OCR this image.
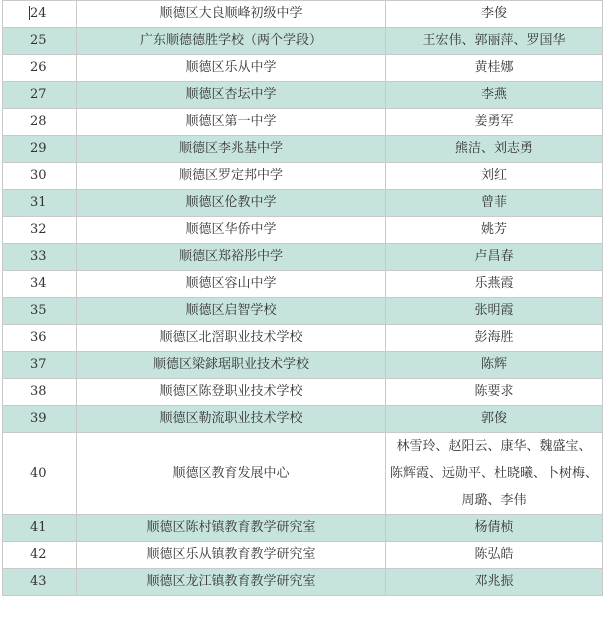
24	顺德区大良顺峰初级中学	李俊
25	广东顺德德胜学校（两个学段）	王宏伟、郭丽萍、罗国华
26	顺德区乐从中学	黄桂娜
27	顺德区杏坛中学	李燕
28	顺德区第一中学	姜勇军
29	顺德区李兆基中学	熊洁、刘志勇
30	顺德区罗定邦中学	刘红
31	顺德区伦教中学	曾菲
32	顺德区华侨中学	姚芳
33	顺德区郑裕彤中学	卢昌春
34	顺德区容山中学	乐燕霞
35	顺德区启智学校	张明霞
36	顺德区北滘职业技术学校	彭海胜
37	顺德区梁銶琚职业技术学校	陈辉
38	顺德区陈登职业技术学校	陈要求
39	顺德区勒流职业技术学校	郭俊
40	顺德区教育发展中心	林雪玲、赵阳云、康华、魏盛宝、
陈辉霞、远勋平、杜晓曦、卜树梅、
周璐、李伟

41	顺德区陈村镇教育教学研究室	杨倩桢
42	顺德区乐从镇教育教学研究室	陈弘皓
43	顺德区龙江镇教育教学研究室	邓兆振
